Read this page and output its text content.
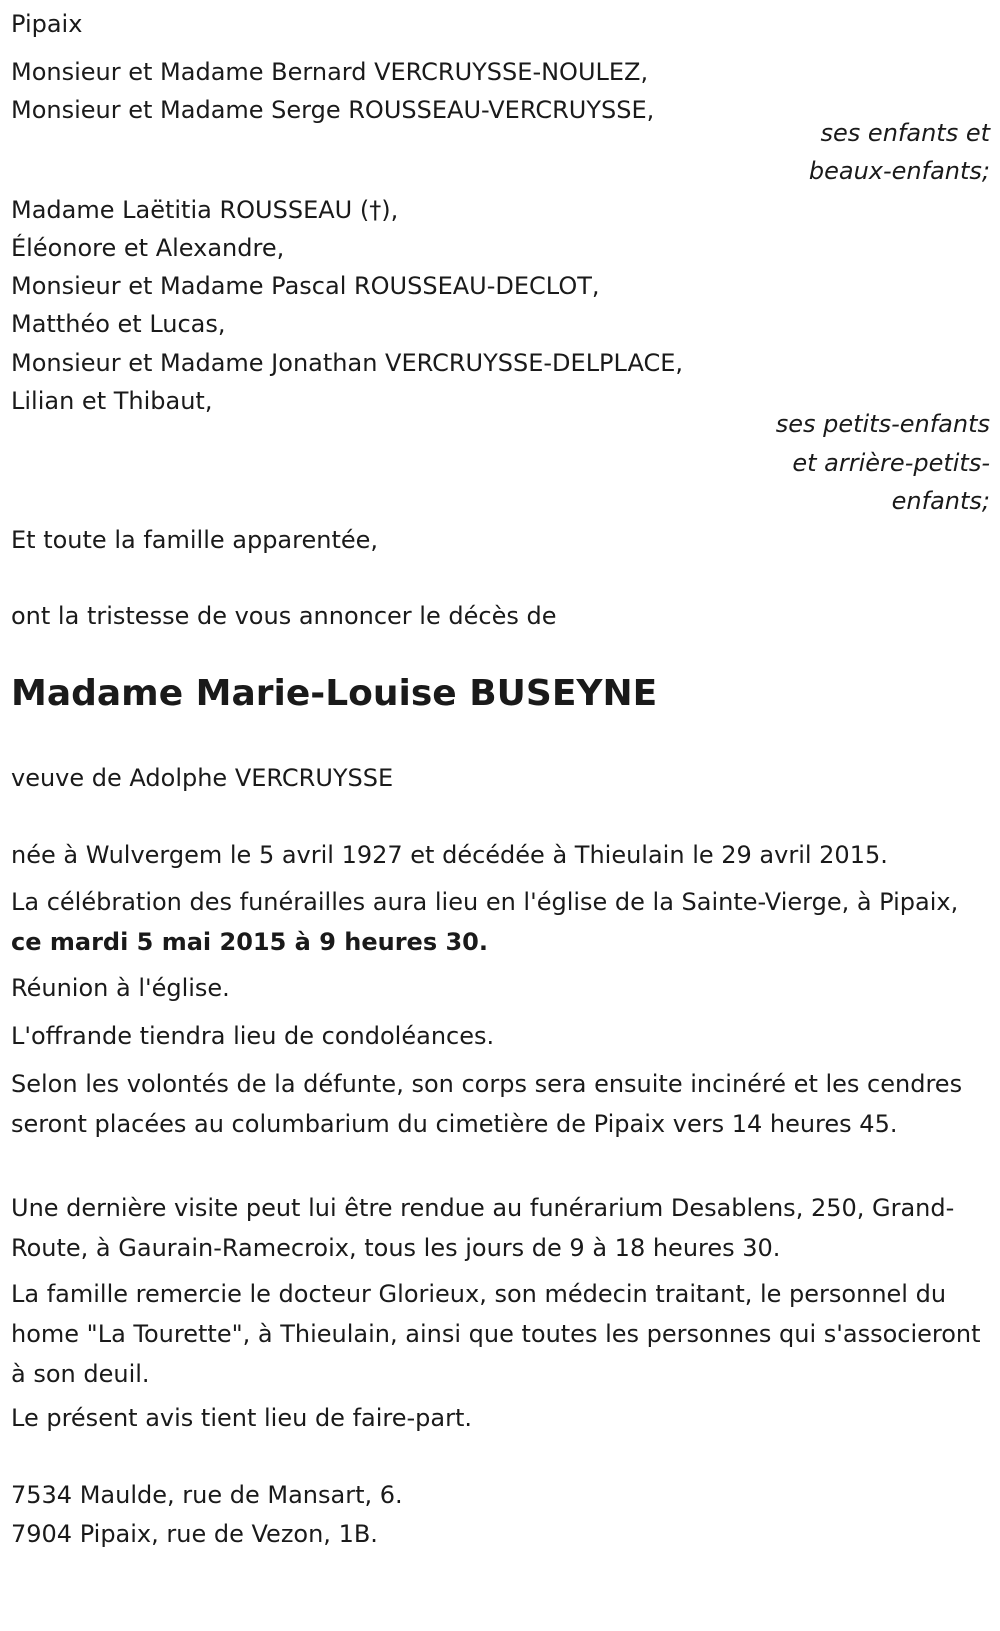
Pipaix

Monsieur et Madame Bernard VERCRUYSSE-NOULEZ,

Monsieur et Madame Serge ROUSSEAU-VERCRUYSSE,

ses enfants et

beaux-enfants;

Madame Laëtitia ROUSSEAU (†),

Éléonore et Alexandre,

Monsieur et Madame Pascal ROUSSEAU-DECLOT,

Matthéo et Lucas,

Monsieur et Madame Jonathan VERCRUYSSE-DELPLACE,

Lilian et Thibaut,

ses petits-enfants

et arrière-petits-

enfants;

Et toute la famille apparentée,

ont la tristesse de vous annoncer le décès de

Madame Marie-Louise BUSEYNE

veuve de Adolphe VERCRUYSSE

née à Wulvergem le 5 avril 1927 et décédée à Thieulain le 29 avril 2015.

La célébration des funérailles aura lieu en l'église de la Sainte-Vierge, à Pipaix, ce mardi 5 mai 2015 à 9 heures 30.

Réunion à l'église.

L'offrande tiendra lieu de condoléances.

Selon les volontés de la défunte, son corps sera ensuite incinéré et les cendres seront placées au columbarium du cimetière de Pipaix vers 14 heures 45.

Une dernière visite peut lui être rendue au funérarium Desablens, 250, Grand-Route, à Gaurain-Ramecroix, tous les jours de 9 à 18 heures 30.

La famille remercie le docteur Glorieux, son médecin traitant, le personnel du home "La Tourette", à Thieulain, ainsi que toutes les personnes qui s'associeront à son deuil.

Le présent avis tient lieu de faire-part.

7534 Maulde, rue de Mansart, 6.

7904 Pipaix, rue de Vezon, 1B.
